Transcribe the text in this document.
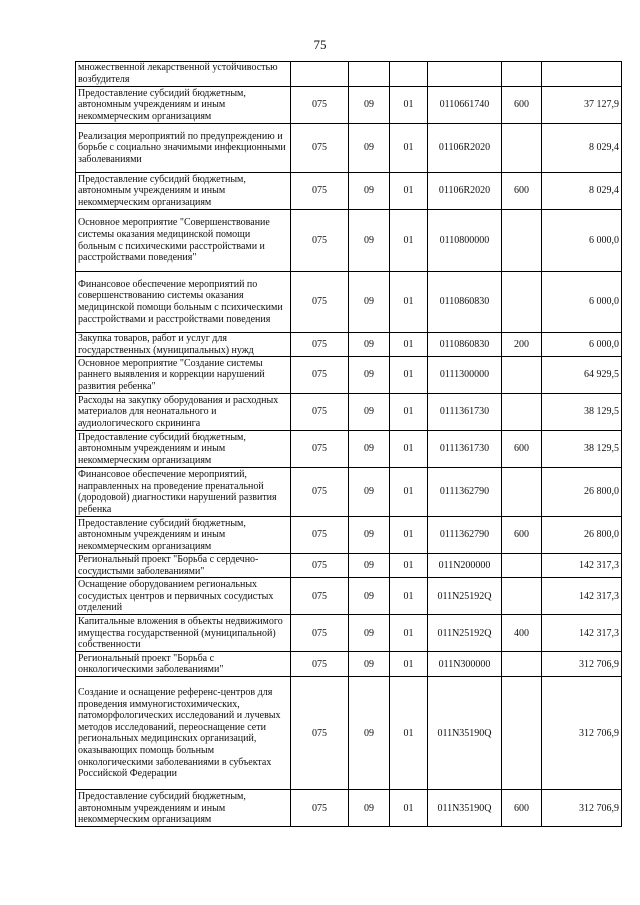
75
множественной лекарственной устойчивостью возбудителя						
Предоставление субсидий бюджетным, автономным учреждениям и иным некоммерческим организациям	075	09	01	0110661740	600	37 127,9
Реализация мероприятий по предупреждению и борьбе с социально значимыми инфекционными заболеваниями	075	09	01	01106R2020		8 029,4
Предоставление субсидий бюджетным, автономным учреждениям и иным некоммерческим организациям	075	09	01	01106R2020	600	8 029,4
Основное мероприятие "Совершенствование системы оказания медицинской помощи больным с психическими расстройствами и расстройствами поведения"	075	09	01	0110800000		6 000,0
Финансовое обеспечение мероприятий по совершенствованию системы оказания медицинской помощи больным с психическими расстройствами и расстройствами поведения	075	09	01	0110860830		6 000,0
Закупка товаров, работ и услуг для государственных (муниципальных) нужд	075	09	01	0110860830	200	6 000,0
Основное мероприятие "Создание системы раннего выявления и коррекции нарушений развития ребенка"	075	09	01	0111300000		64 929,5
Расходы на закупку оборудования и расходных материалов для неонатального и аудиологического скрининга	075	09	01	0111361730		38 129,5
Предоставление субсидий бюджетным, автономным учреждениям и иным некоммерческим организациям	075	09	01	0111361730	600	38 129,5
Финансовое обеспечение мероприятий, направленных на проведение пренатальной (дородовой) диагностики нарушений развития ребенка	075	09	01	0111362790		26 800,0
Предоставление субсидий бюджетным, автономным учреждениям и иным некоммерческим организациям	075	09	01	0111362790	600	26 800,0
Региональный проект "Борьба с сердечно-сосудистыми заболеваниями"	075	09	01	011N200000		142 317,3
Оснащение оборудованием региональных сосудистых центров и первичных сосудистых отделений	075	09	01	011N25192Q		142 317,3
Капитальные вложения в объекты недвижимого имущества государственной (муниципальной) собственности	075	09	01	011N25192Q	400	142 317,3
Региональный проект "Борьба с онкологическими заболеваниями"	075	09	01	011N300000		312 706,9
Создание и оснащение референс-центров для проведения иммуногистохимических, патоморфологических исследований и лучевых методов исследований, переоснащение сети региональных медицинских организаций, оказывающих помощь больным онкологическими заболеваниями в субъектах Российской Федерации	075	09	01	011N35190Q		312 706,9
Предоставление субсидий бюджетным, автономным учреждениям и иным некоммерческим организациям	075	09	01	011N35190Q	600	312 706,9
